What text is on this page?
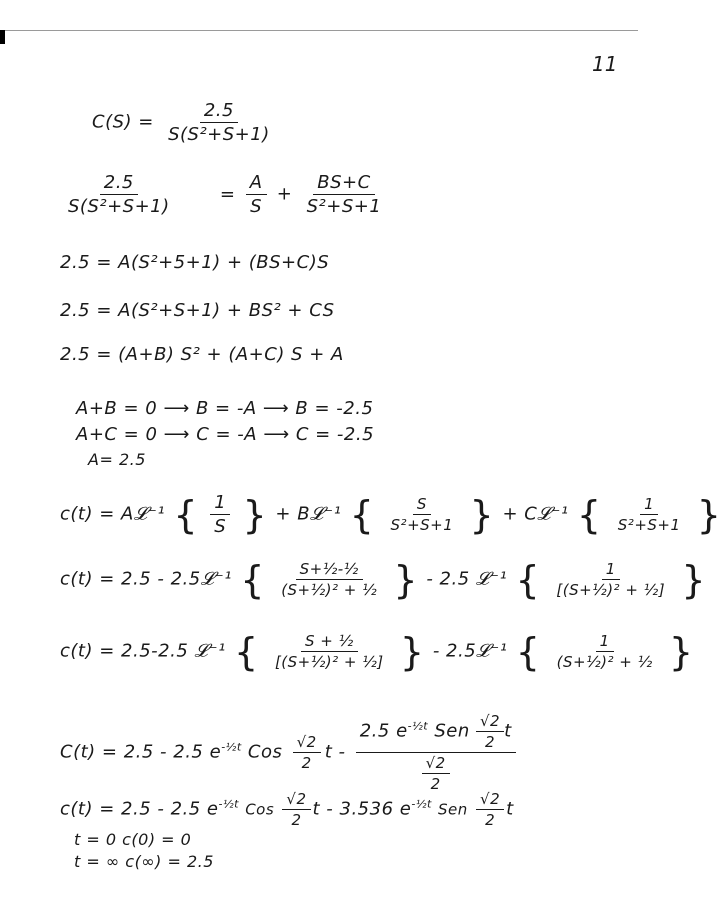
11
$C(S) = \frac{2.5}{\text{S(S²+S+1)}}$
$\frac{2.5}{\text{S(S²+S+1)}}$	= $\frac{A}{S} + \frac{BS+C}{\text{S²+S+1}}$
2.5 = A(S²+5+1) + (BS+C)S
2.5 = A(S²+S+1) + BS² + CS
2.5 = (A+B) S² + (A+C) S + A
A+B = 0 ⟶ B = -A ⟶ B = -2.5
A+C = 0 ⟶ C = -A ⟶ C = -2.5
A= 2.5
c(t) = A𝓛⁻¹ { $\frac{1}{S}$ } + B𝓛⁻¹ { $\frac{S}{\text{S²+S+1}}$ } + C𝓛⁻¹ { $\frac{1}{\text{S²+S+1}}$ }
c(t) = 2.5 - 2.5𝓛⁻¹ { $\frac{\text{S+½-½}}{\text{(S+½)² + ½}}$ } - 2.5 𝓛⁻¹ { $\frac{1}{\text{[(S+½)² + ½]}}$ }
c(t) = 2.5-2.5 𝓛⁻¹ { $\frac{\text{S + ½}}{\text{[(S+½)² + ½]}}$ } - 2.5𝓛⁻¹ { $\frac{1}{\text{(S+½)² + ½}}$ }
C(t) = 2.5 - 2.5 $e^{-\frac{1}{2}t}$ Cos $\frac{√2}{2}$ t - $\frac{2.5 e^{-\frac{1}{2}t} Sen \frac{√2}{2} t}{\frac{√2}{2}}$
c(t) = 2.5 - 2.5 $e^{-\frac{1}{2}t}$ Cos $\frac{√2}{2}$ t - 3.536 $e^{-\frac{1}{2}t}$ Sen $\frac{√2}{2}$ t
t = 0 c(0) = 0
t = ∞ c(∞) = 2.5
